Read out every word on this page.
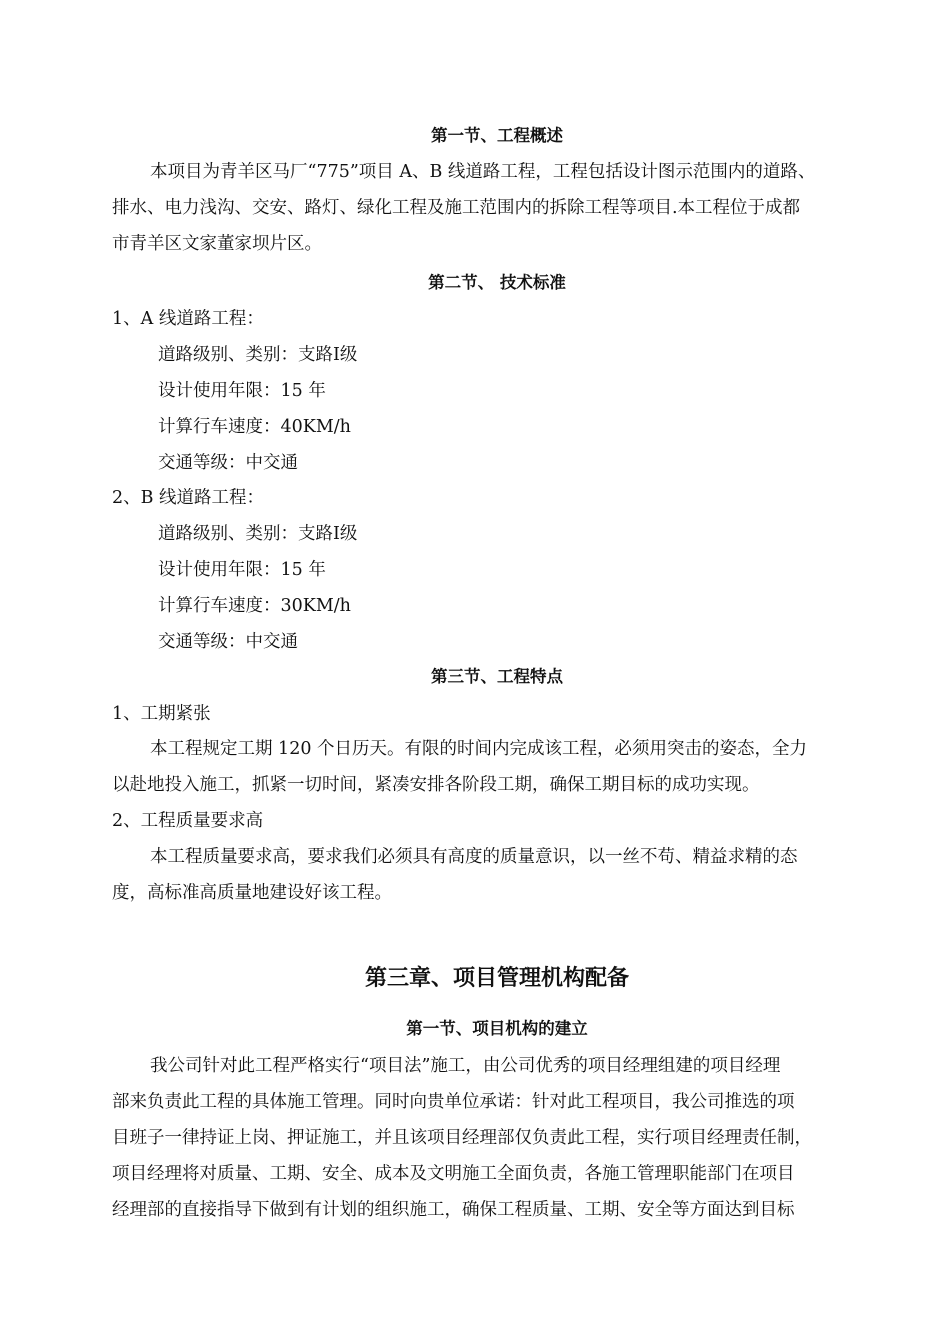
第一节、工程概述
本项目为青羊区马厂“775”项目 A、B 线道路工程，工程包括设计图示范围内的道路、
排水、电力浅沟、交安、路灯、绿化工程及施工范围内的拆除工程等项目.本工程位于成都
市青羊区文家董家坝片区。
第二节、 技术标准
1、A 线道路工程：
道路级别、类别：支路Ⅰ级
设计使用年限：15 年
计算行车速度：40KM/h
交通等级：中交通
2、B 线道路工程：
道路级别、类别：支路Ⅰ级
设计使用年限：15 年
计算行车速度：30KM/h
交通等级：中交通
第三节、工程特点
1、工期紧张
本工程规定工期 120 个日历天。有限的时间内完成该工程，必须用突击的姿态，全力
以赴地投入施工，抓紧一切时间，紧凑安排各阶段工期，确保工期目标的成功实现。
2、工程质量要求高
本工程质量要求高，要求我们必须具有高度的质量意识，以一丝不苟、精益求精的态
度，高标准高质量地建设好该工程。
第三章、项目管理机构配备
第一节、项目机构的建立
我公司针对此工程严格实行“项目法”施工，由公司优秀的项目经理组建的项目经理
部来负责此工程的具体施工管理。同时向贵单位承诺：针对此工程项目，我公司推选的项
目班子一律持证上岗、押证施工，并且该项目经理部仅负责此工程，实行项目经理责任制，
项目经理将对质量、工期、安全、成本及文明施工全面负责，各施工管理职能部门在项目
经理部的直接指导下做到有计划的组织施工，确保工程质量、工期、安全等方面达到目标
